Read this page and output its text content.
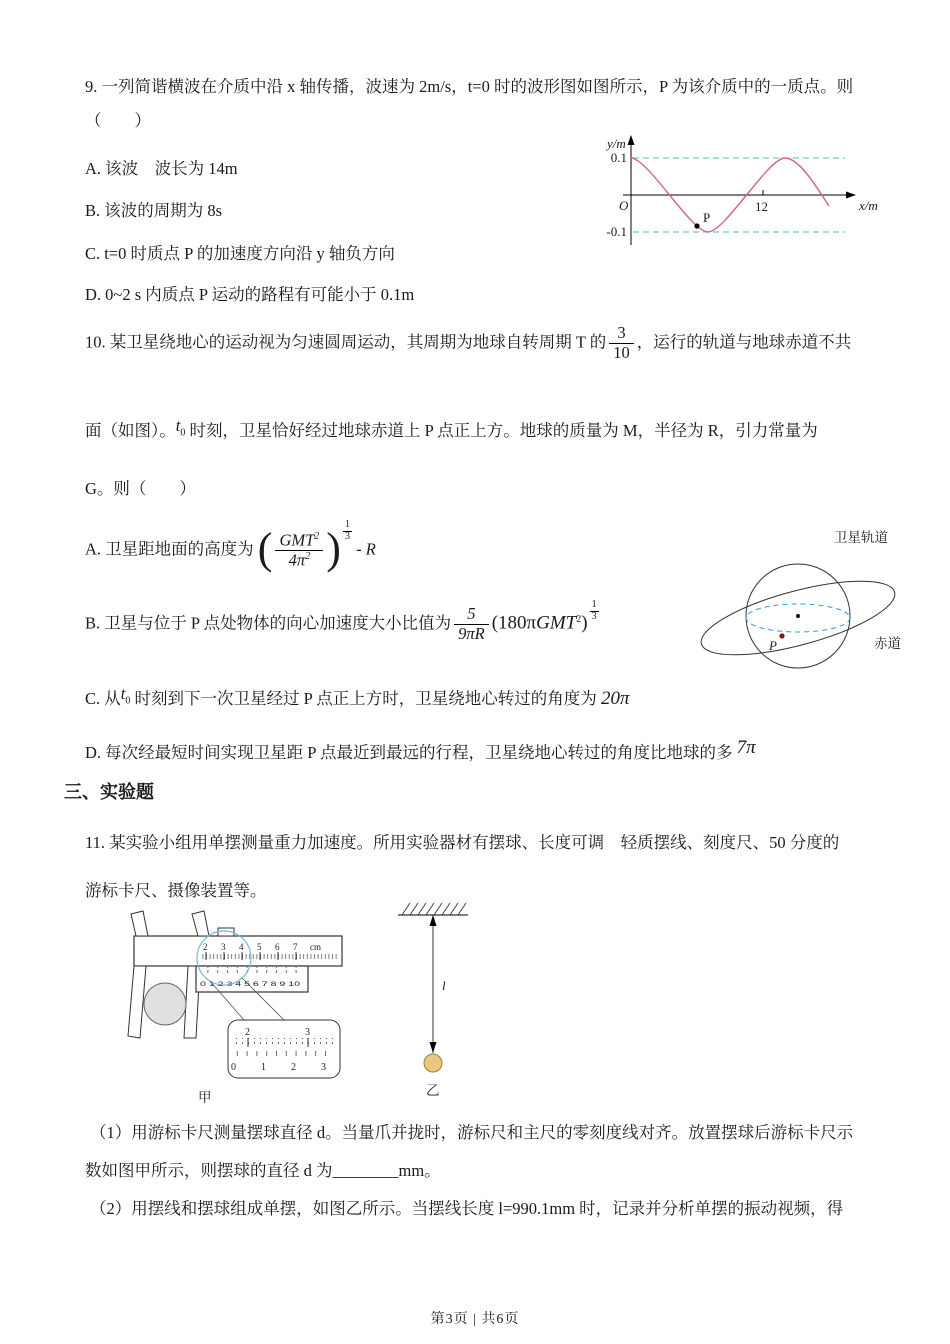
9. 一列简谐横波在介质中沿 x 轴传播，波速为 2m/s，t=0 时的波形图如图所示，P 为该介质中的一质点。则
（　　）
A. 该波　波长为 14m
B. 该波的周期为 8s
C. t=0 时质点 P 的加速度方向沿 y 轴负方向
D. 0~2 s 内质点 P 运动的路程有可能小于 0.1m
y/m
x/m
0.1
-0.1
O	12
P
10. 某卫星绕地心的运动视为匀速圆周运动，其周期为地球自转周期 T 的 $\frac{3}{10}$ ，运行的轨道与地球赤道不共
面（如图）。$t_0$ 时刻，卫星恰好经过地球赤道上 P 点正上方。地球的质量为 M，半径为 R，引力常量为
G。则（　　）
A. 卫星距地面的高度为 ( $\frac{GMT^2}{4\pi^2}$ ) $\frac{1}{3}$
- R
B. 卫星与位于 P 点处物体的向心加速度大小比值为 $\frac{5}{9\pi R} (180\pi GMT^2)$
$\frac{1}{3}$
C. 从$t_0$ 时刻到下一次卫星经过 P 点正上方时，卫星绕地心转过的角度为 20π
D. 每次经最短时间实现卫星距 P 点最近到最远的行程，卫星绕地心转过的角度比地球的多 7π
P
卫星轨道
赤道
三、实验题
11. 某实验小组用单摆测量重力加速度。所用实验器材有摆球、长度可调　轻质摆线、刻度尺、50 分度的
游标卡尺、摄像装置等。
2 3 4 5 6 7 cm
0 1 2 3 4 5 6 7 8 9 10
2	3
0	1	2	3
甲
l
乙
（1）用游标卡尺测量摆球直径 d。当量爪并拢时，游标尺和主尺的零刻度线对齐。放置摆球后游标卡尺示
数如图甲所示，则摆球的直径 d 为________mm。
（2）用摆线和摆球组成单摆，如图乙所示。当摆线长度 l=990.1mm 时，记录并分析单摆的振动视频，得
第3页 | 共6页
